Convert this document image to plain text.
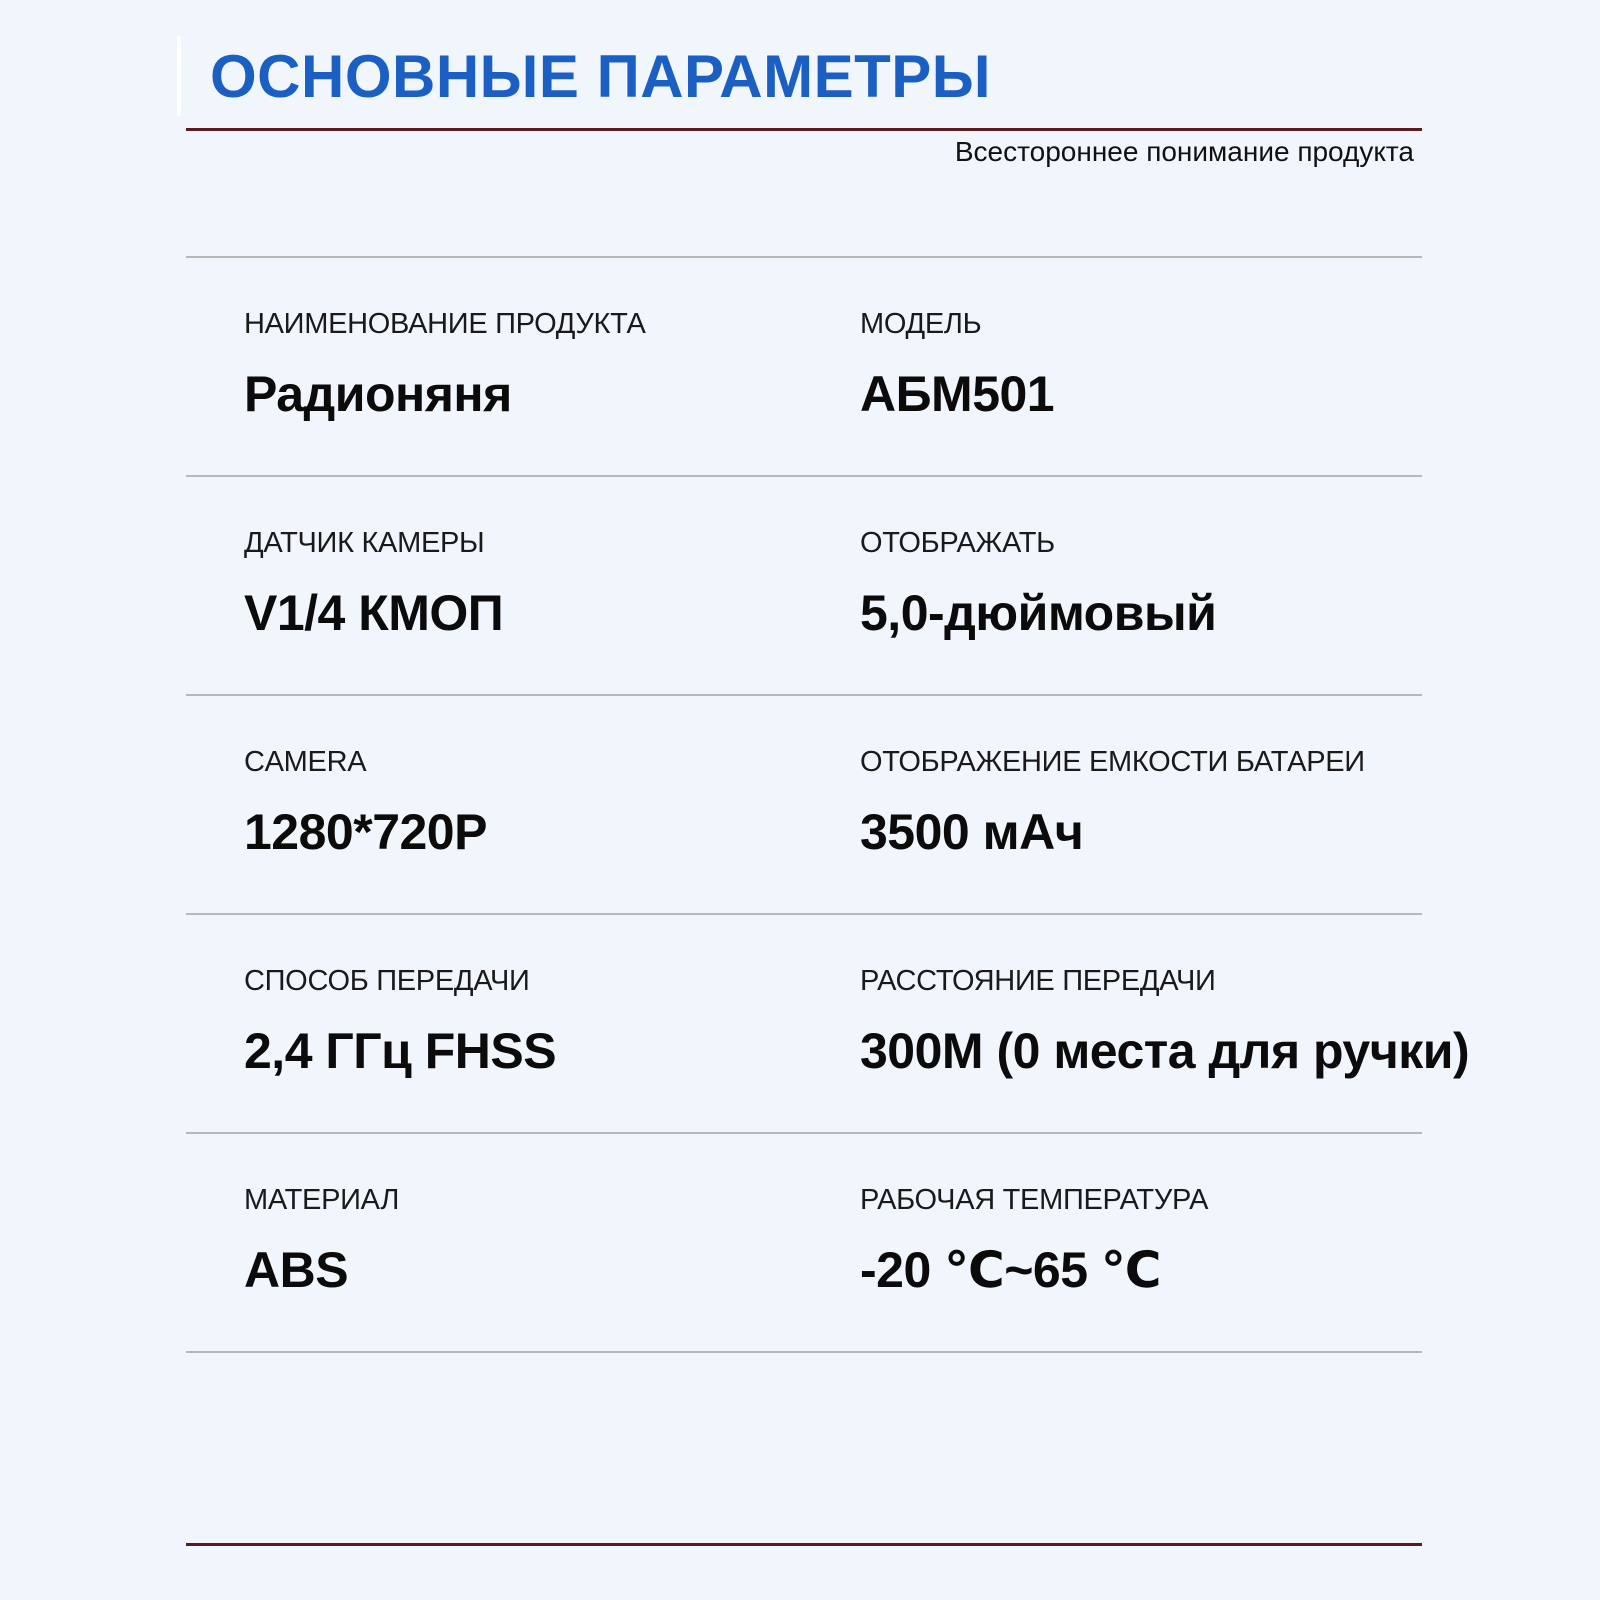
ОСНОВНЫЕ ПАРАМЕТРЫ
Всестороннее понимание продукта
НАИМЕНОВАНИЕ ПРОДУКТА
Радионяня
МОДЕЛЬ
АБМ501
ДАТЧИК КАМЕРЫ
V1/4 КМОП
ОТОБРАЖАТЬ
5,0-дюймовый
CAMERA
1280*720P
ОТОБРАЖЕНИЕ ЕМКОСТИ БАТАРЕИ
3500 мАч
СПОСОБ ПЕРЕДАЧИ
2,4 ГГц FHSS
РАССТОЯНИЕ ПЕРЕДАЧИ
300М (0 места для ручки)
МАТЕРИАЛ
ABS
РАБОЧАЯ ТЕМПЕРАТУРА
-20 ℃~65 ℃
